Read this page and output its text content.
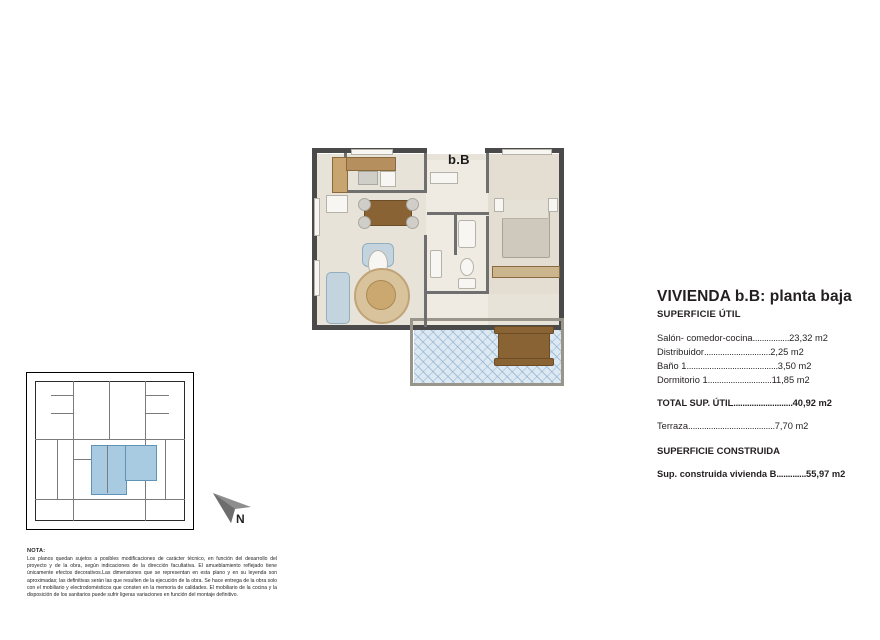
b.B
VIVIENDA b.B: planta baja
SUPERFICIE ÚTIL
Salón- comedor-cocina................23,32 m2
Distribuidor.............................2,25 m2
Baño 1........................................3,50 m2
Dormitorio 1............................11,85 m2
TOTAL SUP. ÚTIL..........................40,92 m2
Terraza......................................7,70 m2
SUPERFICIE CONSTRUIDA
Sup. construida vivienda B.............55,97 m2
N
NOTA:
Los planos quedan sujetos a posibles modificaciones de carácter técnico, en función del desarrollo del proyecto y de la obra, según indicaciones de la dirección facultativa. El amueblamiento reflejado tiene únicamente efectos decorativos.Las dimensiones que se representan en esta plano y en su leyenda son aproximadas; las definitivas serán las que resulten de la ejecución de la obra. Se hace entrega de la obra solo con el mobiliario y electrodomésticos que consten en la memoria de calidades. El mobiliario de la cocina y la disposición de los sanitarios puede sufrir ligeras variaciones en función del montaje definitivo.
